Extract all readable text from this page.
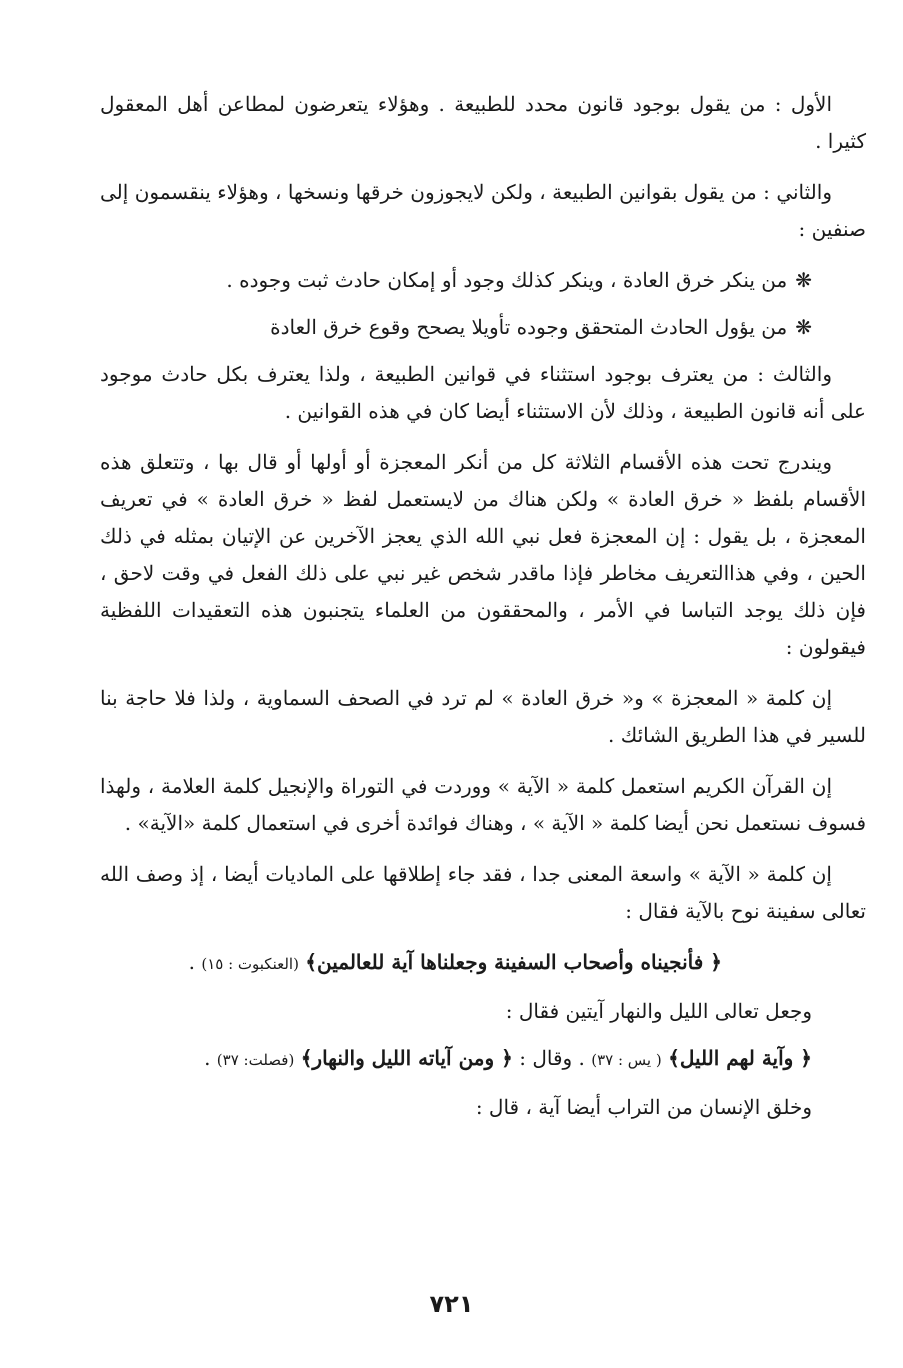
الأول : من يقول بوجود قانون محدد للطبيعة . وهؤلاء يتعرضون لمطاعن أهل المعقول كثيرا .

والثاني : من يقول بقوانين الطبيعة ، ولكن لايجوزون خرقها ونسخها ، وهؤلاء ينقسمون إلى صنفين :

❋من ينكر خرق العادة ، وينكر كذلك وجود أو إمكان حادث ثبت وجوده .

❋من يؤول الحادث المتحقق وجوده تأويلا يصحح وقوع خرق العادة

والثالث : من يعترف بوجود استثناء في قوانين الطبيعة ، ولذا يعترف بكل حادث موجود على أنه قانون الطبيعة ، وذلك لأن الاستثناء أيضا كان في هذه القوانين .

ويندرج تحت هذه الأقسام الثلاثة كل من أنكر المعجزة أو أولها أو قال بها ، وتتعلق هذه الأقسام بلفظ « خرق العادة » ولكن هناك من لايستعمل لفظ « خرق العادة » في تعريف المعجزة ، بل يقول : إن المعجزة فعل نبي الله الذي يعجز الآخرين عن الإتيان بمثله في ذلك الحين ، وفي هذاالتعريف مخاطر فإذا ماقدر شخص غير نبي على ذلك الفعل في وقت لاحق ، فإن ذلك يوجد التباسا في الأمر ، والمحققون من العلماء يتجنبون هذه التعقيدات اللفظية فيقولون :

إن كلمة « المعجزة » و« خرق العادة » لم ترد في الصحف السماوية ، ولذا فلا حاجة بنا للسير في هذا الطريق الشائك .

إن القرآن الكريم استعمل كلمة « الآية » ووردت في التوراة والإنجيل كلمة العلامة ، ولهذا فسوف نستعمل نحن أيضا كلمة « الآية » ، وهناك فوائدة أخرى في استعمال كلمة «الآية» .

إن كلمة « الآية » واسعة المعنى جدا ، فقد جاء إطلاقها على الماديات أيضا ، إذ وصف الله تعالى سفينة نوح بالآية فقال :

﴿ فأنجيناه وأصحاب السفينة وجعلناها آية للعالمين﴾ (العنكبوت : ١٥) .

وجعل تعالى الليل والنهار آيتين فقال :

﴿ وآية لهم الليل﴾ ( يس : ٣٧) . وقال : ﴿ ومن آياته الليل والنهار﴾ (فصلت: ٣٧) .

وخلق الإنسان من التراب أيضا آية ، قال :

٧٢١
